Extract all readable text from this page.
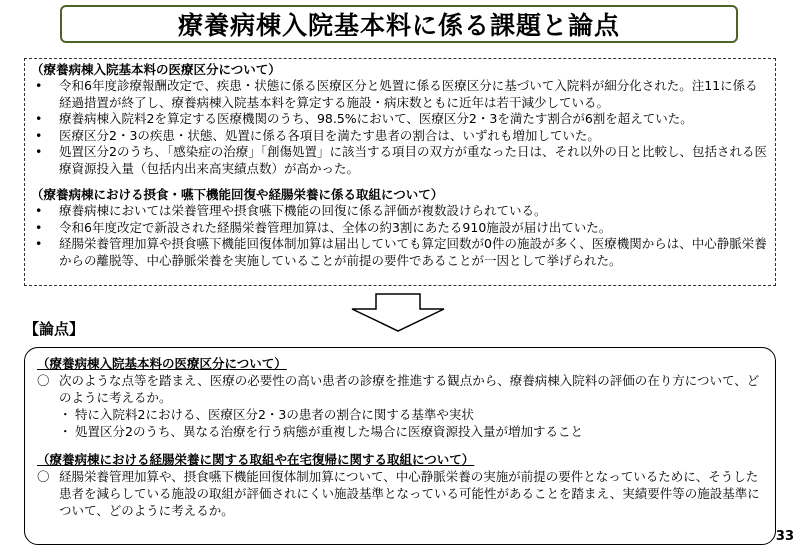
療養病棟入院基本料に係る課題と論点
（療養病棟入院基本料の医療区分について）
• 令和6年度診療報酬改定で、疾患・状態に係る医療区分と処置に係る医療区分に基づいて入院料が細分化された。注11に係る経過措置が終了し、療養病棟入院基本料を算定する施設・病床数ともに近年は若干減少している。
• 療養病棟入院料2を算定する医療機関のうち、98.5%において、医療区分2・3を満たす割合が6割を超えていた。
• 医療区分2・3の疾患・状態、処置に係る各項目を満たす患者の割合は、いずれも増加していた。
• 処置区分2のうち、「感染症の治療」「創傷処置」に該当する項目の双方が重なった日は、それ以外の日と比較し、包括される医療資源投入量（包括内出来高実績点数）が高かった。
（療養病棟における摂食・嚥下機能回復や経腸栄養に係る取組について）
• 療養病棟においては栄養管理や摂食嚥下機能の回復に係る評価が複数設けられている。
• 令和6年度改定で新設された経腸栄養管理加算は、全体の約3割にあたる910施設が届け出ていた。
• 経腸栄養管理加算や摂食嚥下機能回復体制加算は届出していても算定回数が0件の施設が多く、医療機関からは、中心静脈栄養からの離脱等、中心静脈栄養を実施していることが前提の要件であることが一因として挙げられた。
【論点】
（療養病棟入院基本料の医療区分について）
〇 次のような点等を踏まえ、医療の必要性の高い患者の診療を推進する観点から、療養病棟入院料の評価の在り方について、どのように考えるか。
・ 特に入院料2における、医療区分2・3の患者の割合に関する基準や実状
・ 処置区分2のうち、異なる治療を行う病態が重複した場合に医療資源投入量が増加すること
（療養病棟における経腸栄養に関する取組や在宅復帰に関する取組について）
〇 経腸栄養管理加算や、摂食嚥下機能回復体制加算について、中心静脈栄養の実施が前提の要件となっているために、そうした患者を減らしている施設の取組が評価されにくい施設基準となっている可能性があることを踏まえ、実績要件等の施設基準について、どのように考えるか。
33
